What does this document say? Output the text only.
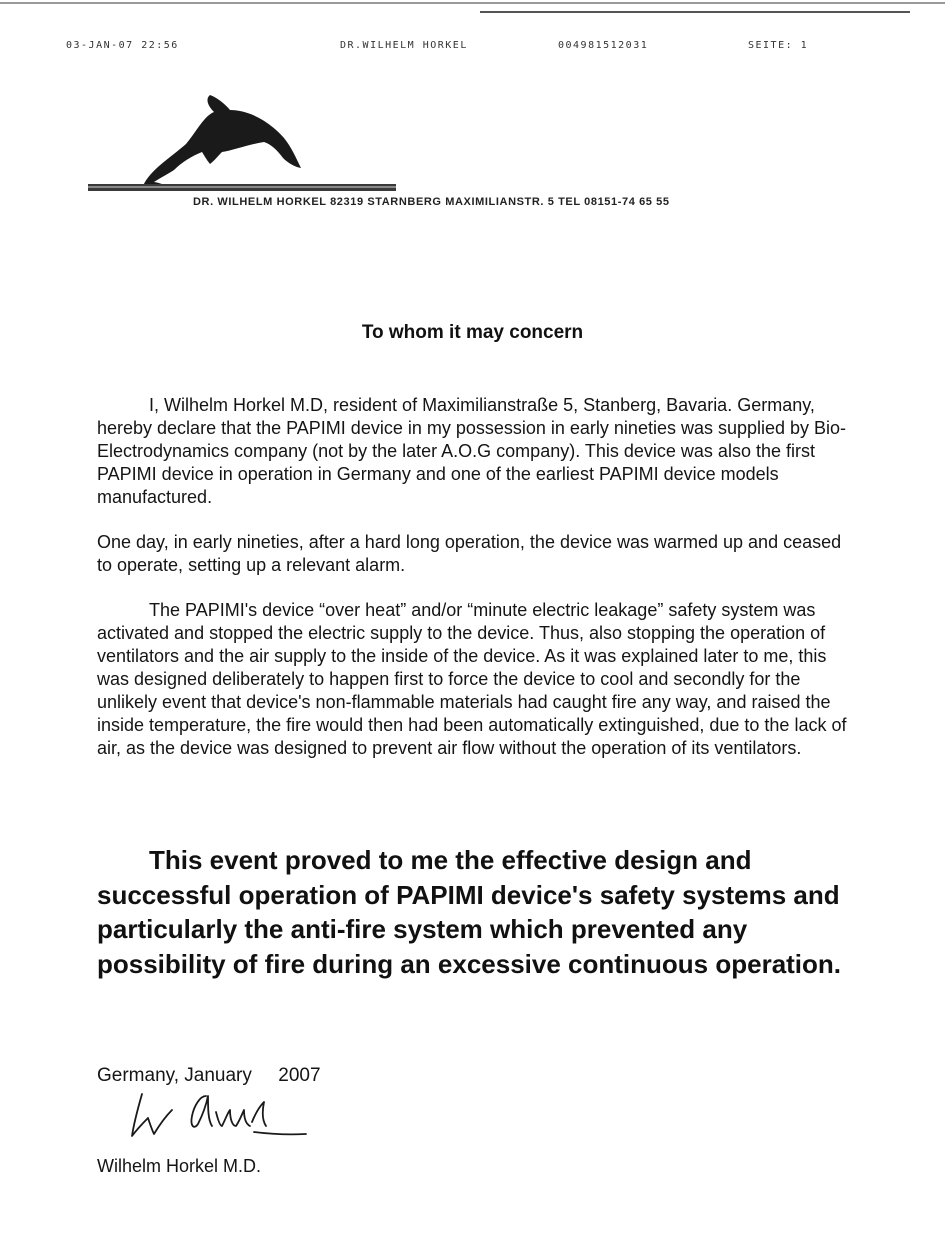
03-JAN-07 22:56	DR.WILHELM HORKEL	004981512031	SEITE: 1
DR. WILHELM HORKEL 82319 STARNBERG MAXIMILIANSTR. 5 TEL 08151-74 65 55
To whom it may concern
I, Wilhelm Horkel M.D, resident of Maximilianstraße 5, Stanberg, Bavaria. Germany, hereby declare that the PAPIMI device in my possession in early nineties was supplied by Bio-Electrodynamics company (not by the later A.O.G company). This device was also the first PAPIMI device in operation in Germany and one of the earliest PAPIMI device models manufactured.
One day, in early nineties, after a hard long operation, the device was warmed up and ceased to operate, setting up a relevant alarm.
The PAPIMI's device “over heat” and/or “minute electric leakage” safety system was activated and stopped the electric supply to the device. Thus, also stopping the operation of ventilators and the air supply to the inside of the device. As it was explained later to me, this was designed deliberately to happen first to force the device to cool and secondly for the unlikely event that device's non-flammable materials had caught fire any way, and raised the inside temperature, the fire would then had been automatically extinguished, due to the lack of air, as the device was designed to prevent air flow without the operation of its ventilators.
This event proved to me the effective design and successful operation of PAPIMI device's safety systems and particularly the anti-fire system which prevented any possibility of fire during an excessive continuous operation.
Germany, January     2007
Wilhelm Horkel M.D.
